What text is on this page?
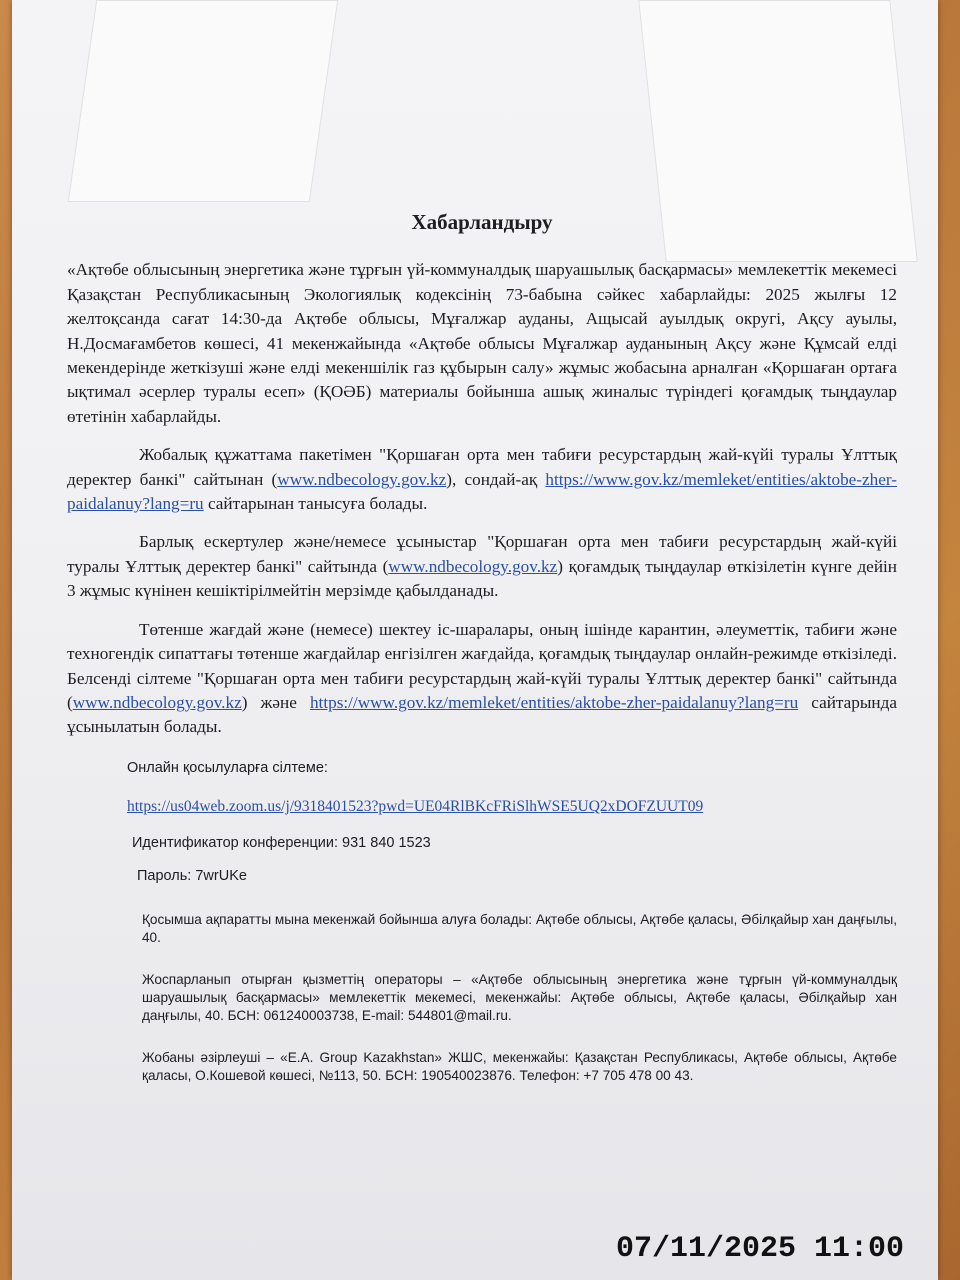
Хабарландыру

«Ақтөбе облысының энергетика және тұрғын үй-коммуналдық шаруашылық басқармасы» мемлекеттік мекемесі Қазақстан Республикасының Экологиялық кодексінің 73-бабына сәйкес хабарлайды: 2025 жылғы 12 желтоқсанда сағат 14:30-да Ақтөбе облысы, Мұғалжар ауданы, Ащысай ауылдық округі, Ақсу ауылы, Н.Досмағамбетов көшесі, 41 мекенжайында «Ақтөбе облысы Мұғалжар ауданының Ақсу және Құмсай елді мекендерінде жеткізуші және елді мекеншілік газ құбырын салу» жұмыс жобасына арналған «Қоршаған ортаға ықтимал әсерлер туралы есеп» (ҚОӘБ) материалы бойынша ашық жиналыс түріндегі қоғамдық тыңдаулар өтетінін хабарлайды.

Жобалық құжаттама пакетімен "Қоршаған орта мен табиғи ресурстардың жай-күйі туралы Ұлттық деректер банкі" сайтынан (www.ndbecology.gov.kz), сондай-ақ https://www.gov.kz/memleket/entities/aktobe-zher-paidalanuy?lang=ru сайтарынан танысуға болады.

Барлық ескертулер және/немесе ұсыныстар "Қоршаған орта мен табиғи ресурстардың жай-күйі туралы Ұлттық деректер банкі" сайтында (www.ndbecology.gov.kz) қоғамдық тыңдаулар өткізілетін күнге дейін 3 жұмыс күнінен кешіктірілмейтін мерзімде қабылданады.

Төтенше жағдай және (немесе) шектеу іс-шаралары, оның ішінде карантин, әлеуметтік, табиғи және техногендік сипаттағы төтенше жағдайлар енгізілген жағдайда, қоғамдық тыңдаулар онлайн-режимде өткізіледі. Белсенді сілтеме "Қоршаған орта мен табиғи ресурстардың жай-күйі туралы Ұлттық деректер банкі" сайтында (www.ndbecology.gov.kz) және https://www.gov.kz/memleket/entities/aktobe-zher-paidalanuy?lang=ru сайтарында ұсынылатын болады.

Онлайн қосылуларға сілтеме:
https://us04web.zoom.us/j/9318401523?pwd=UE04RlBKcFRiSlhWSE5UQ2xDOFZUUT09
Идентификатор конференции: 931 840 1523
Пароль: 7wrUKe
Қосымша ақпаратты мына мекенжай бойынша алуға болады: Ақтөбе облысы, Ақтөбе қаласы, Әбілқайыр хан даңғылы, 40.
Жоспарланып отырған қызметтің операторы – «Ақтөбе облысының энергетика және тұрғын үй-коммуналдық шаруашылық басқармасы» мемлекеттік мекемесі, мекенжайы: Ақтөбе облысы, Ақтөбе қаласы, Әбілқайыр хан даңғылы, 40. БСН: 061240003738, E-mail: 544801@mail.ru.
Жобаны әзірлеуші – «E.A. Group Kazakhstan» ЖШС, мекенжайы: Қазақстан Республикасы, Ақтөбе облысы, Ақтөбе қаласы, О.Кошевой көшесі, №113, 50. БСН: 190540023876. Телефон: +7 705 478 00 43.
07/11/2025 11:00
